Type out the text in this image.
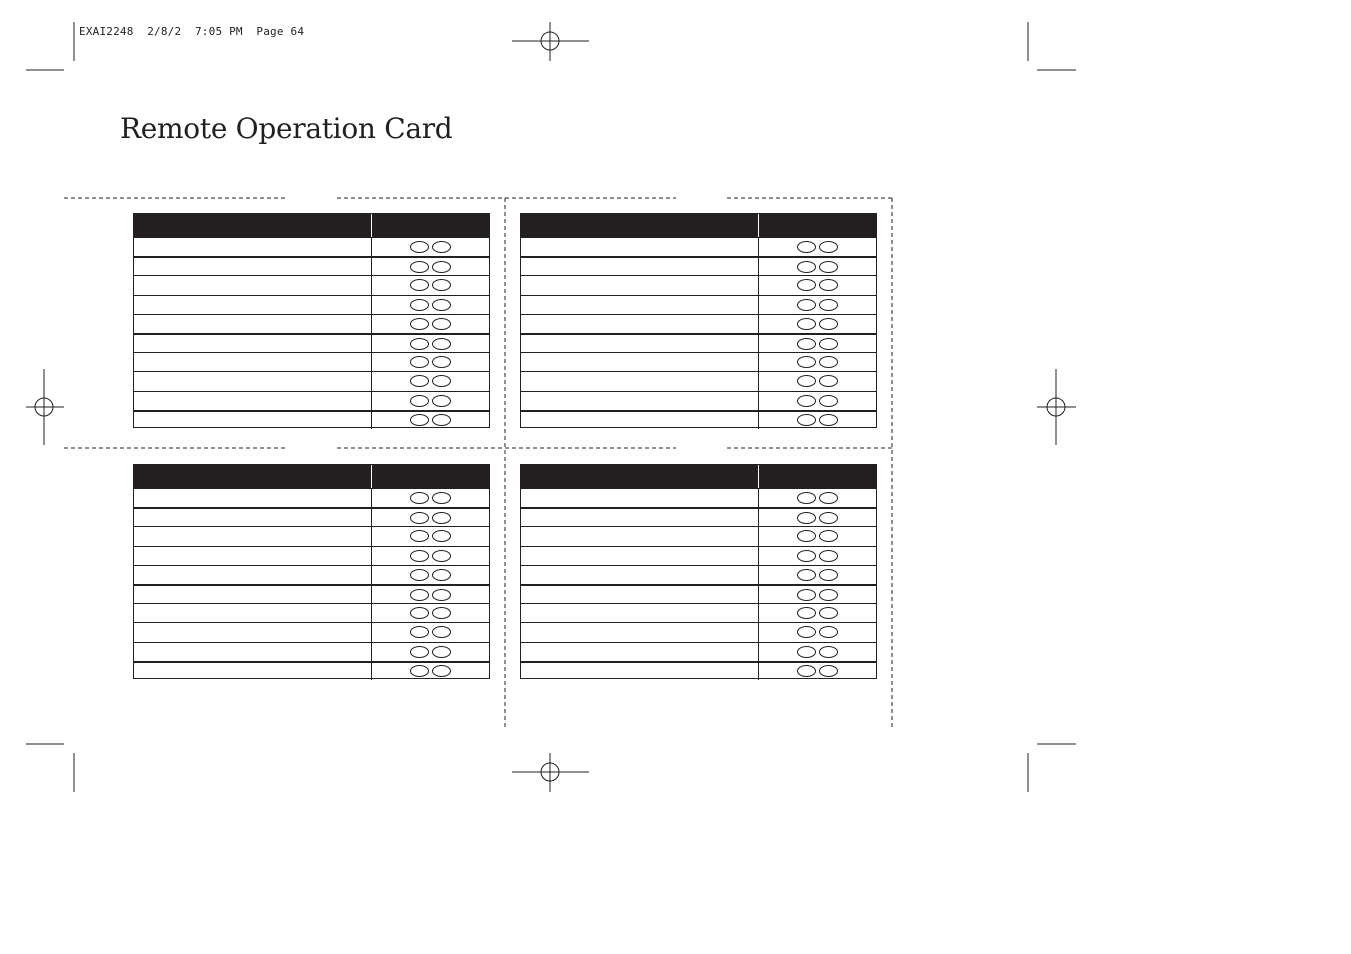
EXAI2248  2/8/2  7:05 PM  Page 64
Remote Operation Card
